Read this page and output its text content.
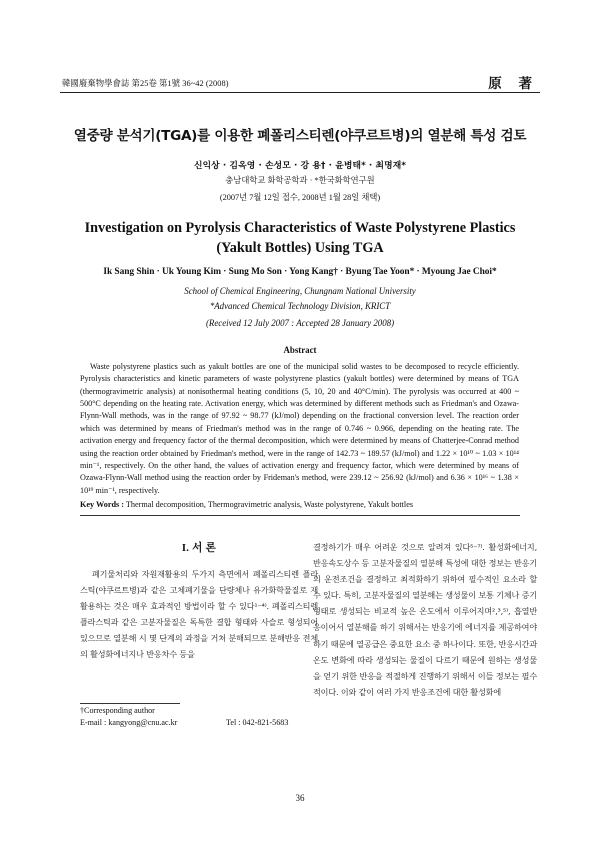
韓國廢棄物學會誌 第25卷 第1號 36~42 (2008)	原 著
열중량 분석기(TGA)를 이용한 폐폴리스티렌(야쿠르트병)의 열분해 특성 검토
신익상 · 김옥영 · 손성모 · 강 용† · 윤병태* · 최명재*
충남대학교 화학공학과 · *한국화학연구원
(2007년 7월 12일 접수, 2008년 1월 28일 채택)
Investigation on Pyrolysis Characteristics of Waste Polystyrene Plastics (Yakult Bottles) Using TGA
Ik Sang Shin · Uk Young Kim · Sung Mo Son · Yong Kang† · Byung Tae Yoon* · Myoung Jae Choi*
School of Chemical Engineering, Chungnam National University
*Advanced Chemical Technology Division, KRICT
(Received 12 July 2007 : Accepted 28 January 2008)
Abstract
Waste polystyrene plastics such as yakult bottles are one of the municipal solid wastes to be decomposed to recycle efficiently. Pyrolysis characteristics and kinetic parameters of waste polystyrene plastics (yakult bottles) were determined by means of TGA (thermogravimetric analysis) at nonisothermal heating conditions (5, 10, 20 and 40°C/min). The pyrolysis was occurred at 400 ~ 500°C depending on the heating rate. Activation energy, which was determined by different methods such as Friedman's and Ozawa-Flynn-Wall methods, was in the range of 97.92 ~ 98.77 (kJ/mol) depending on the fractional conversion level. The reaction order which was determined by means of Friedman's method was in the range of 0.746 ~ 0.966, depending on the heating rate. The activation energy and frequency factor of the thermal decomposition, which were determined by means of Chatterjee-Conrad method using the reaction order obtained by Friedman's method, were in the range of 142.73 ~ 189.57 (kJ/mol) and 1.22 × 10¹⁰ ~ 1.03 × 10¹⁴ min⁻¹, respectively. On the other hand, the values of activation energy and frequency factor, which were determined by means of Ozawa-Flynn-Wall method using the reaction order by Frideman's method, were 239.12 ~ 256.92 (kJ/mol) and 6.36 × 10¹⁶ ~ 1.38 × 10¹⁹ min⁻¹, respectively.
Key Words : Thermal decomposition, Thermogravimetric analysis, Waste polystyrene, Yakult bottles
I. 서 론
폐기물처리와 자원재활용의 두가지 측면에서 폐폴리스티렌 플라스틱(야쿠르트병)과 같은 고체폐기물을 단량체나 유가화학물질로 재활용하는 것은 매우 효과적인 방법이라 할 수 있다¹⁻⁴⁾. 폐폴리스티렌 플라스틱과 같은 고분자물질은 독특한 결합 형태와 사슬로 형성되어 있으므로 열분해 시 몇 단계의 과정을 거쳐 분해되므로 분해반응 전체의 활성화에너지나 반응차수 등을
결정하기가 매우 어려운 것으로 알려져 있다⁵⁻⁷⁾. 활성화에너지, 반응속도상수 등 고분자물질의 열분해 특성에 대한 정보는 반응기의 운전조건을 결정하고 최적화하기 위하여 필수적인 요소라 할 수 있다. 특히, 고분자물질의 열분해는 생성물이 보통 기체나 증기형태로 생성되는 비교적 높은 온도에서 이루어지며²,³,⁵⁾, 흡열반응이어서 열분해를 하기 위해서는 반응기에 에너지를 제공하여야 하기 때문에 열공급은 중요한 요소 중 하나이다. 또한, 반응시간과 온도 변화에 따라 생성되는 물질이 다르기 때문에 원하는 생성물을 얻기 위한 반응을 적절하게 진행하기 위해서 이들 정보는 필수적이다. 이와 같이 여러 가지 반응조건에 대한 활성화에
†Corresponding author
E-mail : kangyong@cnu.ac.kr	Tel : 042-821-5683
36
